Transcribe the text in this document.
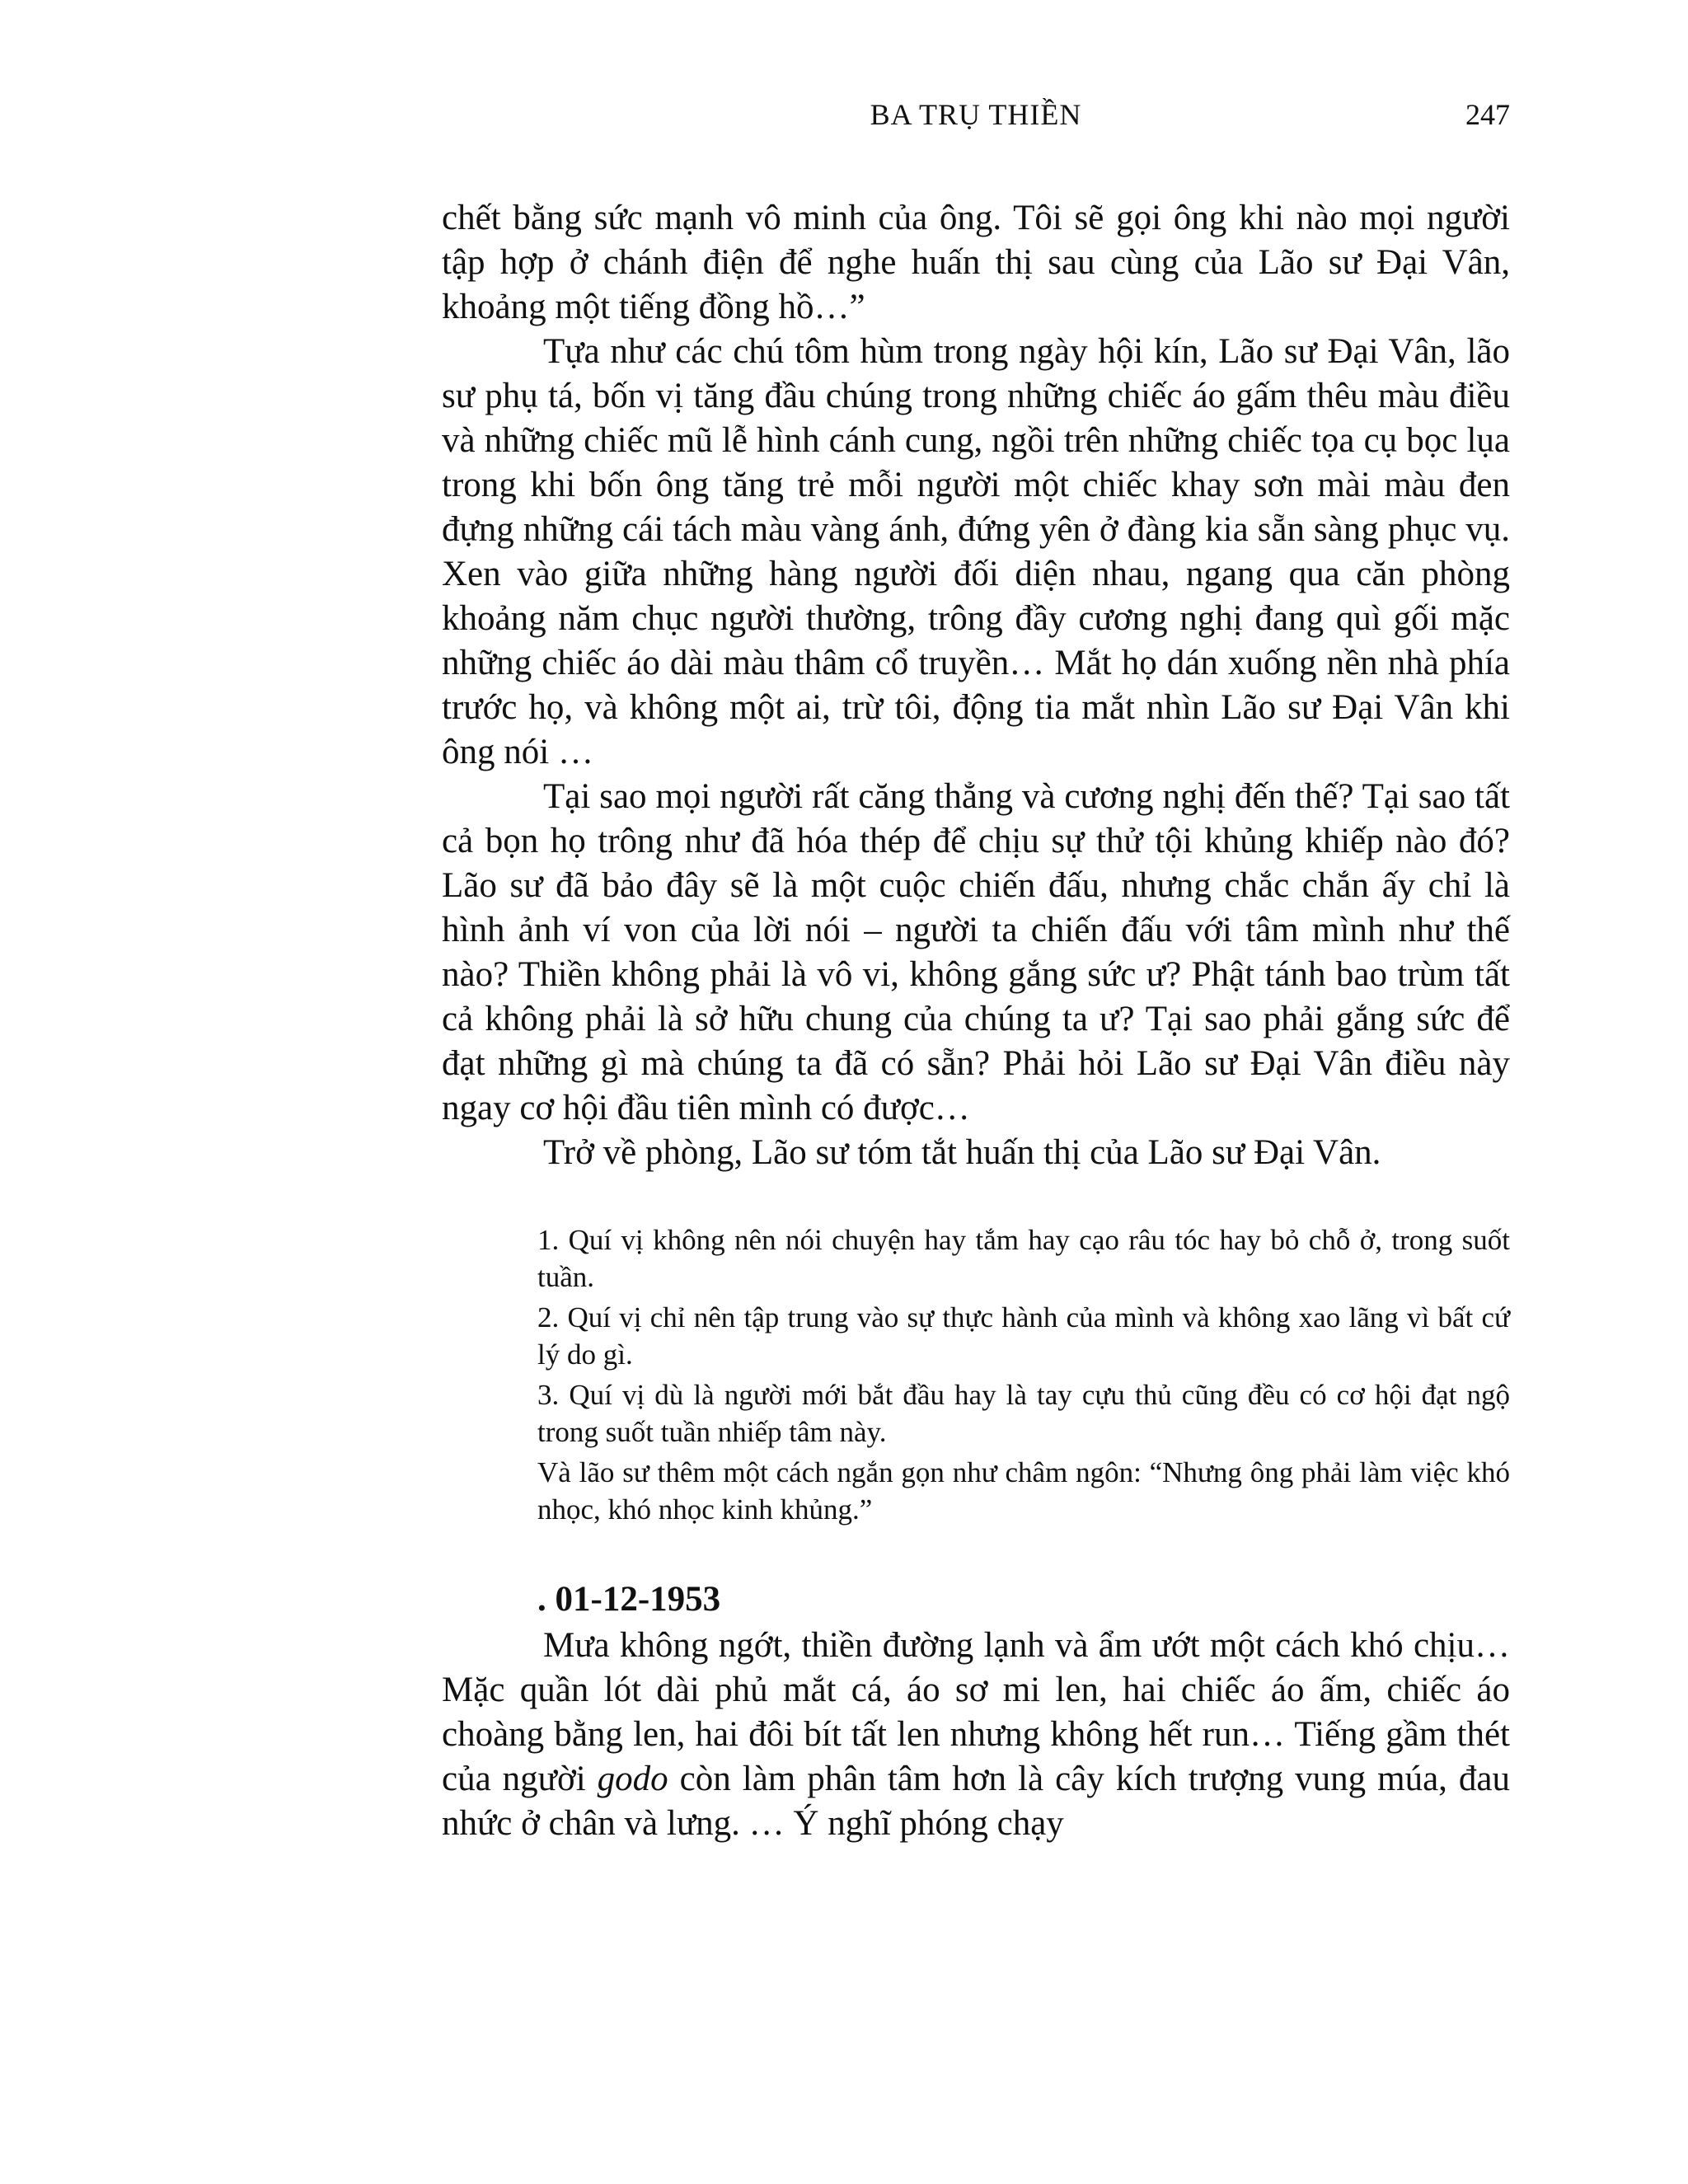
BA TRỤ THIỀN	247

chết bằng sức mạnh vô minh của ông. Tôi sẽ gọi ông khi nào mọi người tập hợp ở chánh điện để nghe huấn thị sau cùng của Lão sư Đại Vân, khoảng một tiếng đồng hồ…”

Tựa như các chú tôm hùm trong ngày hội kín, Lão sư Đại Vân, lão sư phụ tá, bốn vị tăng đầu chúng trong những chiếc áo gấm thêu màu điều và những chiếc mũ lễ hình cánh cung, ngồi trên những chiếc tọa cụ bọc lụa trong khi bốn ông tăng trẻ mỗi người một chiếc khay sơn mài màu đen đựng những cái tách màu vàng ánh, đứng yên ở đàng kia sẵn sàng phục vụ. Xen vào giữa những hàng người đối diện nhau, ngang qua căn phòng khoảng năm chục người thường, trông đầy cương nghị đang quì gối mặc những chiếc áo dài màu thâm cổ truyền… Mắt họ dán xuống nền nhà phía trước họ, và không một ai, trừ tôi, động tia mắt nhìn Lão sư Đại Vân khi ông nói …

Tại sao mọi người rất căng thẳng và cương nghị đến thế? Tại sao tất cả bọn họ trông như đã hóa thép để chịu sự thử tội khủng khiếp nào đó? Lão sư đã bảo đây sẽ là một cuộc chiến đấu, nhưng chắc chắn ấy chỉ là hình ảnh ví von của lời nói – người ta chiến đấu với tâm mình như thế nào? Thiền không phải là vô vi, không gắng sức ư? Phật tánh bao trùm tất cả không phải là sở hữu chung của chúng ta ư? Tại sao phải gắng sức để đạt những gì mà chúng ta đã có sẵn? Phải hỏi Lão sư Đại Vân điều này ngay cơ hội đầu tiên mình có được…

Trở về phòng, Lão sư tóm tắt huấn thị của Lão sư Đại Vân.

1. Quí vị không nên nói chuyện hay tắm hay cạo râu tóc hay bỏ chỗ ở, trong suốt tuần.

2. Quí vị chỉ nên tập trung vào sự thực hành của mình và không xao lãng vì bất cứ lý do gì.

3. Quí vị dù là người mới bắt đầu hay là tay cựu thủ cũng đều có cơ hội đạt ngộ trong suốt tuần nhiếp tâm này.

Và lão sư thêm một cách ngắn gọn như châm ngôn: “Nhưng ông phải làm việc khó nhọc, khó nhọc kinh khủng.”

. 01-12-1953

Mưa không ngớt, thiền đường lạnh và ẩm ướt một cách khó chịu… Mặc quần lót dài phủ mắt cá, áo sơ mi len, hai chiếc áo ấm, chiếc áo choàng bằng len, hai đôi bít tất len nhưng không hết run… Tiếng gầm thét của người godo còn làm phân tâm hơn là cây kích trượng vung múa, đau nhức ở chân và lưng. … Ý nghĩ phóng chạy
